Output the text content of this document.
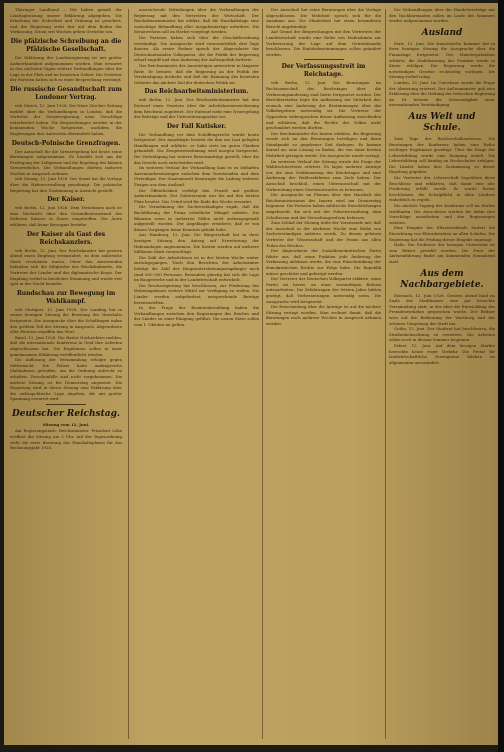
Thüringer Landbund – Wir haben gemäß der Landtagssitzung unsere Erklärung abgegeben. Die Erhaltung der Sicherheit und Ordnung ist gesichert, und die Regierung steht fest auf dem Boden der Verfassung. Schon seit Wochen gehen Gerüchte um.

Die pfälzische Schreibung an die Pfälzische Gesellschaft.

Die Erklärung der Landesregierung ist mit großer Aufmerksamkeit aufgenommen worden. Man erwartet in den nächsten Tagen weitere Verhandlungen über die Lage in der Pfalz und im besetzten Gebiet. Die Vertreter der Parteien haben sich zu einer Besprechung vereinigt.

Die russische Gesandtschaft zum Londoner Vertrag.

wtb Zürich, 12. Juni 1928. Die Neue Zürcher Zeitung meldet über die Verhandlungen in London, daß die Vertreter der Sowjetregierung neue Vorschläge unterbreitet haben. Die Besprechungen werden in der kommenden Woche fortgesetzt, nachdem die Regierungen ihre Antworten übermittelt haben.

Deutsch-Polnische Grenzfragen.

Der Ausschuß für die Grenzregelung hat heute seine Beratungen aufgenommen. Es handelt sich um die Festlegung der Zollgrenze und die Regelung des kleinen Grenzverkehrs. Die Verhandlungen dürften mehrere Wochen in Anspruch nehmen.

wtb Danzig, 12. Juni 1928. Der Senat hat die Vorlage über die Hafenverwaltung genehmigt. Die polnische Regierung hat ihre Zustimmung in Aussicht gestellt.

Der Kaiser.

wtb Berlin, 12. Juni 1928. Dem Vernehmen nach ist eine Nachricht über den Gesundheitszustand des früheren Kaisers in Doorn eingetroffen. Die Ärzte erklären, daß keine Besorgnis bestehe.

Der Kaiser als Gast des Reichskanzlers.

wtb Berlin, 12. Juni. Der Reichskanzler hat gestern abend einen Empfang veranstaltet, zu dem zahlreiche Gäste erschienen waren. Unter den Anwesenden befanden sich die Mitglieder des Reichskabinetts, die Vertreter der Länder und das diplomatische Korps. Der Empfang verlief in herzlicher Stimmung und wurde erst spät in der Nacht beendet.

Rundschau zur Bewegung im Wahlkampf.

wtb Stuttgart, 12. Juni 1928. Der Landtag hat in seiner heutigen Sitzung die Beratung des Haushalts fortgesetzt. Die Aussprache über die Schulfragen nahm den größten Teil der Sitzung in Anspruch. Abgeordnete aller Parteien ergriffen das Wort.

Basel, 12. Juni 1928. Die Basler Nachrichten melden, daß die internationale Konferenz in Genf ihre Arbeiten abgeschlossen hat. Die Ergebnisse sollen in einer gemeinsamen Erklärung veröffentlicht werden.

Die Auflösung der Versammlung erfolgte gegen Mitternacht. Die Polizei hatte umfangreiche Maßnahmen getroffen, um die Ordnung aufrecht zu erhalten. Zwischenfälle sind nicht vorgekommen. Die nächste Sitzung ist für Donnerstag angesetzt. Die Regierung wird in dieser Sitzung eine Erklärung über die außenpolitische Lage abgeben, die mit großer Spannung erwartet wird.

Deutscher Reichstag.
Sitzung vom 12. Juni.

Am Regierungstisch: Reichsminister. Präsident Löbe eröffnet die Sitzung um 3 Uhr. Auf der Tagesordnung steht die erste Beratung des Haushaltsplanes für das Rechnungsjahr 1928.

ausreichende Mitteilungen über die Verhandlungen der Regierung mit den Vertretern der Wirtschaft. Der Reichsfinanzminister hat erklärt, daß die Haushaltslage eine vorsichtige Behandlung aller Ausgabeanträge erfordere. Die Steuerreform soll im Herbst vorgelegt werden.

Die Parteien haben sich über die Geschäftsordnung verständigt. Die Aussprache wird voraussichtlich drei Tage dauern. Als erster Redner sprach der Abgeordnete der Deutschnationalen Volkspartei, der die Politik der Regierung scharf angriff und eine Änderung der Außenpolitik forderte.

Der Reichsminister des Auswärtigen antwortete in längerer Rede. Er betonte, daß die Regierung an der Politik der Verständigung festhalte und daß die Räumung des besetzten Gebietes das nächste Ziel der deutschen Politik sei.

Das Reichsarbeitsministerium.

wtb Berlin, 12. Juni. Der Reichsarbeitsminister hat den Entwurf eines Gesetzes über die Arbeitslosenversicherung dem Reichsrat zugeleitet. Der Entwurf sieht eine Neuregelung der Beiträge und der Unterstützungssätze vor.

Der Fall Kutisker.

Die Verhandlung vor dem Schöffengericht wurde heute fortgesetzt. Der Angeklagte bestritt die ihm zur Last gelegten Handlungen und erklärte, er habe stets im guten Glauben gehandelt. Die Zeugenvernehmung wird morgen fortgesetzt. Die Verteidigung hat weitere Beweisanträge gestellt, über die das Gericht noch entscheiden wird.

Im weiteren Verlauf der Verhandlung kam es zu lebhaften Auseinandersetzungen zwischen dem Vorsitzenden und dem Verteidiger. Der Staatsanwalt beantragte die Ladung weiterer Zeugen aus dem Ausland.

Die Öffentlichkeit verfolgt den Prozeß mit größter Aufmerksamkeit. Der Zuhörerraum war bis auf den letzten Platz besetzt. Das Urteil wird für Ende der Woche erwartet.

Die Vernehmung der Sachverständigen ergab, daß die Buchführung der Firma erhebliche Mängel aufwies. Die Bilanzen seien in mehreren Fällen nicht ordnungsgemäß aufgestellt worden. Der Angeklagte erwiderte, daß er von diesen Vorgängen keine Kenntnis gehabt habe.

Aus Hamburg, 12. Juni. Die Bürgerschaft hat in ihrer heutigen Sitzung den Antrag auf Erweiterung der Hafenanlagen angenommen. Die Kosten werden auf mehrere Millionen Mark veranschlagt.

Die Zahl der Arbeitslosen ist in der letzten Woche weiter zurückgegangen. Nach den Berichten der Arbeitsämter beträgt die Zahl der Hauptunterstützungsempfänger noch rund 600 000 Personen. Besonders günstig hat sich die Lage im Baugewerbe und in der Landwirtschaft entwickelt.

Die Reichsregierung hat beschlossen, zur Förderung des Wohnungsbaues weitere Mittel zur Verfügung zu stellen. Die Länder werden aufgefordert, entsprechende Beträge bereitzustellen.

In der Frage der Beamtenbesoldung haben die Verhandlungen zwischen den Regierungen des Reiches und der Länder zu einer Einigung geführt. Die neuen Sätze sollen vom 1. Oktober an gelten.

Der Ausschuß hat seine Beratungen über die Vorlage abgeschlossen. Die Mehrheit sprach sich für die Annahme aus. Die Minderheit hat einen besonderen Bericht angekündigt.

Auf Grund der Besprechungen mit den Vertretern der Landwirtschaft wurde eine Reihe von Maßnahmen zur Verbesserung der Lage auf dem Getreidemarkt beschlossen. Die Einfuhrbestimmungen sollen geändert werden.

Der Verfassungsstreit im Reichstage.

wtb Berlin, 12. Juni. Die Beratungen im Rechtsausschuß des Reichstages über die Verfassungsänderung sind heute fortgesetzt worden. Der Berichterstatter legte die Auffassung der Mehrheit dar, wonach eine Änderung der Bestimmungen über das Volksbegehren notwendig sei. Die Vertreter der Opposition widersprachen dieser Auffassung entschieden und erklärten, daß die Rechte des Volkes nicht geschmälert werden dürften.

Der Reichsminister des Innern erklärte, die Regierung werde sich an den Beratungen beteiligen und ihren Standpunkt zu gegebener Zeit darlegen. Es komme darauf an, eine Lösung zu finden, die von einer breiten Mehrheit getragen werde. Die Aussprache wurde vertagt.

Im weiteren Verlauf der Sitzung wurde die Frage der Wahlrechtsreform erörtert. Es lagen mehrere Anträge vor, die eine Verkleinerung des Reichstages und eine Änderung des Wahlverfahrens zum Ziele haben. Der Ausschuß beschloß, einen Unterausschuß mit der Vorbereitung eines Gesetzentwurfes zu betrauen.

Die Aussprache im Plenum über den Haushalt des Reichsministeriums des Innern wird am Donnerstag beginnen. Die Parteien haben zahlreiche Entschließungen eingebracht, die sich mit der Polizeiverwaltung, dem Schulwesen und der Verwaltungsreform befassen.

Zum Schluß der Sitzung teilte der Vorsitzende mit, daß der Ausschuß in der nächsten Woche eine Reihe von Sachverständigen anhören werde. Zu diesen gehören Vertreter der Wissenschaft und der Praxis aus allen Teilen des Reiches.

Der Abgeordnete der Sozialdemokratischen Partei führte aus, daß seine Fraktion jede Änderung der Verfassung ablehnen werde, die eine Einschränkung der demokratischen Rechte zur Folge habe. Die Republik müsse geschützt und gefestigt werden.

Der Vertreter der Deutschen Volkspartei erklärte, seine Partei sei bereit, an einer vernünftigen Reform mitzuarbeiten. Die Erfahrungen der letzten Jahre hätten gezeigt, daß Verbesserungen notwendig seien. Die Aussprache wird fortgesetzt.

Die Entscheidung über die Anträge ist auf die nächste Sitzung vertagt worden. Man rechnet damit, daß die Beratungen noch mehrere Wochen in Anspruch nehmen werden.

Die Verhandlungen über die Handelsverträge mit den Nachbarstaaten sollen im Laufe des Sommers wieder aufgenommen werden.

Ausland

Paris, 12. Juni. Die französische Kammer hat in ihrer heutigen Sitzung die Aussprache über die Finanzlage fortgesetzt. Der Ministerpräsident erklärte, die Stabilisierung des Franken werde in Kürze erfolgen. Die Regierung werde die notwendigen Gesetze rechtzeitig vorlegen. Die Sitzung verlief ruhig.

London, 12. Juni. Im Unterhaus wurde die Frage der Abrüstung erörtert. Der Außenminister gab eine Erklärung über die Haltung der britischen Regierung ab. Er betonte die Notwendigkeit einer internationalen Verständigung.

Aus Welt und Schule.

Zum Tage der Reichsschulkonferenz. Die Beratungen der Konferenz haben eine Reihe wichtiger Ergebnisse gezeitigt. Über die Frage der Lehrerbildung wurde eine Einigung erzielt. Die Lehrerbildung soll künftig an Hochschulen erfolgen. Die Länder haben ihre Zustimmung zu dieser Regelung gegeben.

Die Vertreter der Lehrerschaft begrüßten diese Beschlüsse und erklärten, daß damit eine alte Forderung erfüllt werde. Es wurde ferner beschlossen, die Schulpflicht in allen Ländern einheitlich zu regeln.

Die nächste Tagung der Konferenz soll im Herbst stattfinden. Die Ausschüsse werden bis dahin ihre Vorschläge ausarbeiten und den Regierungen zuleiten.

Eine Eingabe der Elternverbände fordert die Einrichtung von Elternbeiräten an allen Schulen. Die Regierung hat die Prüfung dieser Eingabe zugesagt.

Halle. Ein Professor der hiesigen Universität ist zum Rektor gewählt worden. Die Feier der Amtseinführung findet am kommenden Sonnabend statt.

Aus dem Nachbargebiete.

Eisenach, 12. Juni 1928. Gestern abend fand im Saale des Stadthauses eine gut besuchte Versammlung statt, in der über die Entwicklung des Fremdenverkehrs gesprochen wurde. Der Redner wies auf die Bedeutung der Wartburg und der schönen Umgebung der Stadt hin.

Gotha, 12. Juni. Der Stadtrat hat beschlossen, die Straßenbeleuchtung zu erweitern. Die Arbeiten sollen noch in diesem Sommer beginnen.

Erfurt, 12. Juni. Auf dem hiesigen Markte herrschte heute reger Verkehr. Die Preise für landwirtschaftliche Erzeugnisse blieben im allgemeinen unverändert.
